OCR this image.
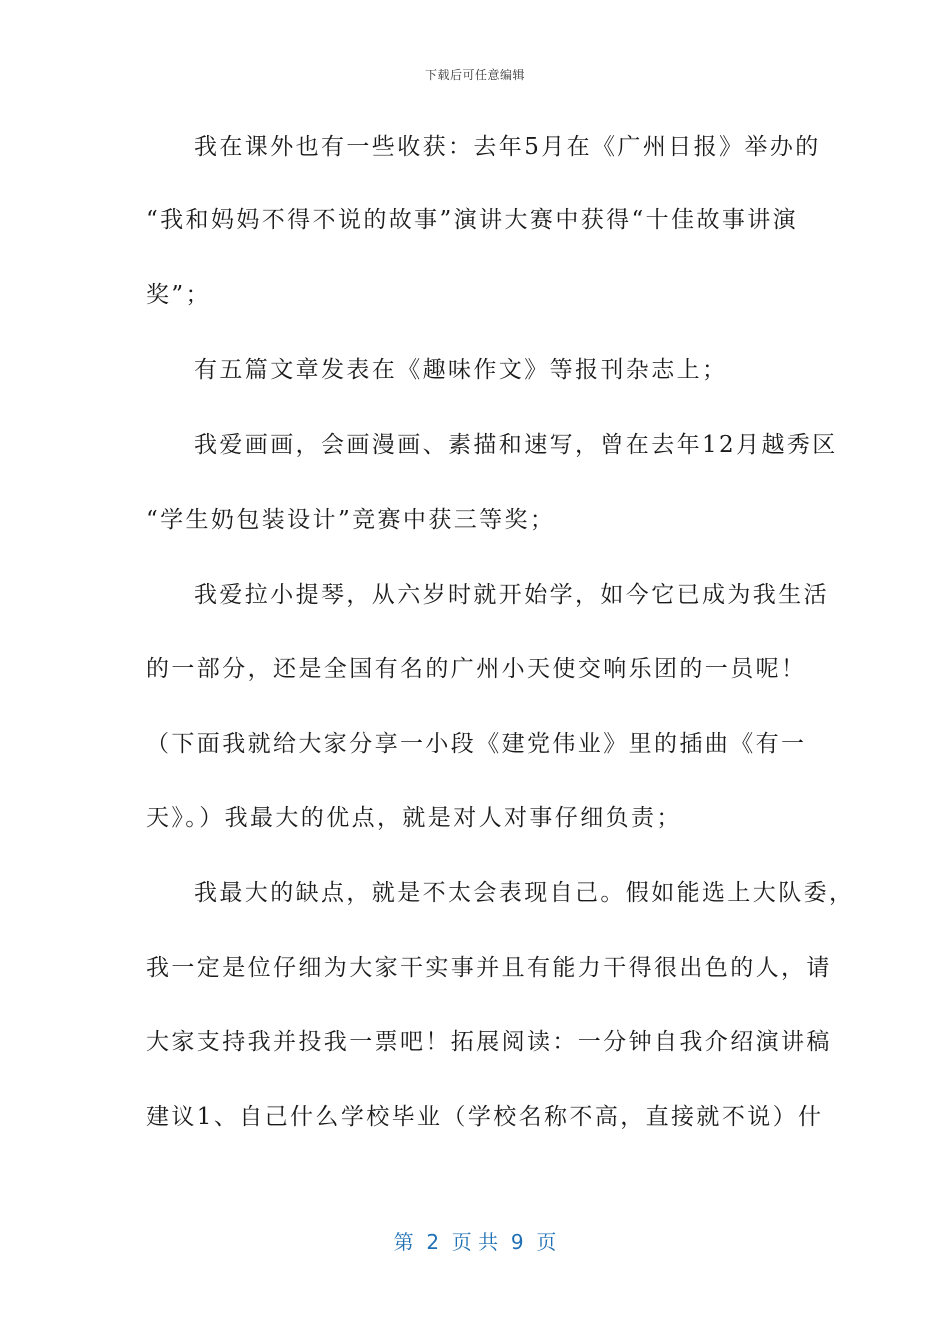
下载后可任意编辑
我在课外也有一些收获：去年5月在《广州日报》举办的
“我和妈妈不得不说的故事”演讲大赛中获得“十佳故事讲演
奖”；
有五篇文章发表在《趣味作文》等报刊杂志上；
我爱画画，会画漫画、素描和速写，曾在去年12月越秀区
“学生奶包装设计”竞赛中获三等奖；
我爱拉小提琴，从六岁时就开始学，如今它已成为我生活
的一部分，还是全国有名的广州小天使交响乐团的一员呢！
（下面我就给大家分享一小段《建党伟业》里的插曲《有一
天》。）我最大的优点，就是对人对事仔细负责；
我最大的缺点，就是不太会表现自己。假如能选上大队委，
我一定是位仔细为大家干实事并且有能力干得很出色的人，请
大家支持我并投我一票吧！拓展阅读：一分钟自我介绍演讲稿
建议1、自己什么学校毕业（学校名称不高，直接就不说）什
第  2  页 共  9  页
